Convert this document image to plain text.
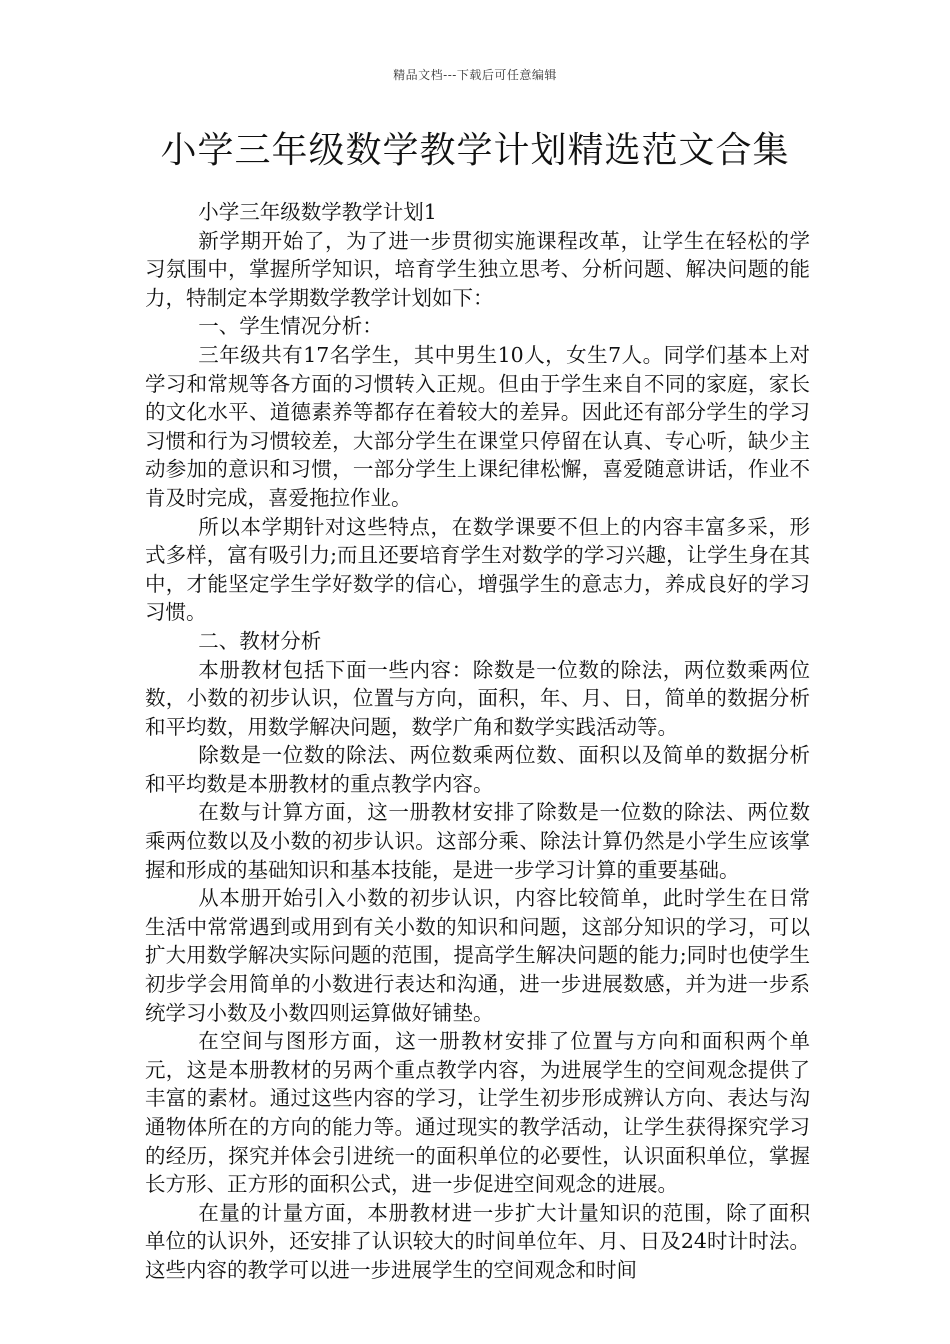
精品文档---下载后可任意编辑
小学三年级数学教学计划精选范文合集

小学三年级数学教学计划1

新学期开始了，为了进一步贯彻实施课程改革，让学生在轻松的学习氛围中，掌握所学知识，培育学生独立思考、分析问题、解决问题的能力，特制定本学期数学教学计划如下：

一、学生情况分析：

三年级共有17名学生，其中男生10人，女生7人。同学们基本上对学习和常规等各方面的习惯转入正规。但由于学生来自不同的家庭，家长的文化水平、道德素养等都存在着较大的差异。因此还有部分学生的学习习惯和行为习惯较差，大部分学生在课堂只停留在认真、专心听，缺少主动参加的意识和习惯，一部分学生上课纪律松懈，喜爱随意讲话，作业不肯及时完成，喜爱拖拉作业。

所以本学期针对这些特点，在数学课要不但上的内容丰富多采，形式多样，富有吸引力;而且还要培育学生对数学的学习兴趣，让学生身在其中，才能坚定学生学好数学的信心，增强学生的意志力，养成良好的学习习惯。

二、教材分析

本册教材包括下面一些内容：除数是一位数的除法，两位数乘两位数，小数的初步认识，位置与方向，面积，年、月、日，简单的数据分析和平均数，用数学解决问题，数学广角和数学实践活动等。

除数是一位数的除法、两位数乘两位数、面积以及简单的数据分析和平均数是本册教材的重点教学内容。

在数与计算方面，这一册教材安排了除数是一位数的除法、两位数乘两位数以及小数的初步认识。这部分乘、除法计算仍然是小学生应该掌握和形成的基础知识和基本技能，是进一步学习计算的重要基础。

从本册开始引入小数的初步认识，内容比较简单，此时学生在日常生活中常常遇到或用到有关小数的知识和问题，这部分知识的学习，可以扩大用数学解决实际问题的范围，提高学生解决问题的能力;同时也使学生初步学会用简单的小数进行表达和沟通，进一步进展数感，并为进一步系统学习小数及小数四则运算做好铺垫。

在空间与图形方面，这一册教材安排了位置与方向和面积两个单元，这是本册教材的另两个重点教学内容，为进展学生的空间观念提供了丰富的素材。通过这些内容的学习，让学生初步形成辨认方向、表达与沟通物体所在的方向的能力等。通过现实的教学活动，让学生获得探究学习的经历，探究并体会引进统一的面积单位的必要性，认识面积单位，掌握长方形、正方形的面积公式，进一步促进空间观念的进展。

在量的计量方面，本册教材进一步扩大计量知识的范围，除了面积单位的认识外，还安排了认识较大的时间单位年、月、日及24时计时法。这些内容的教学可以进一步进展学生的空间观念和时间
